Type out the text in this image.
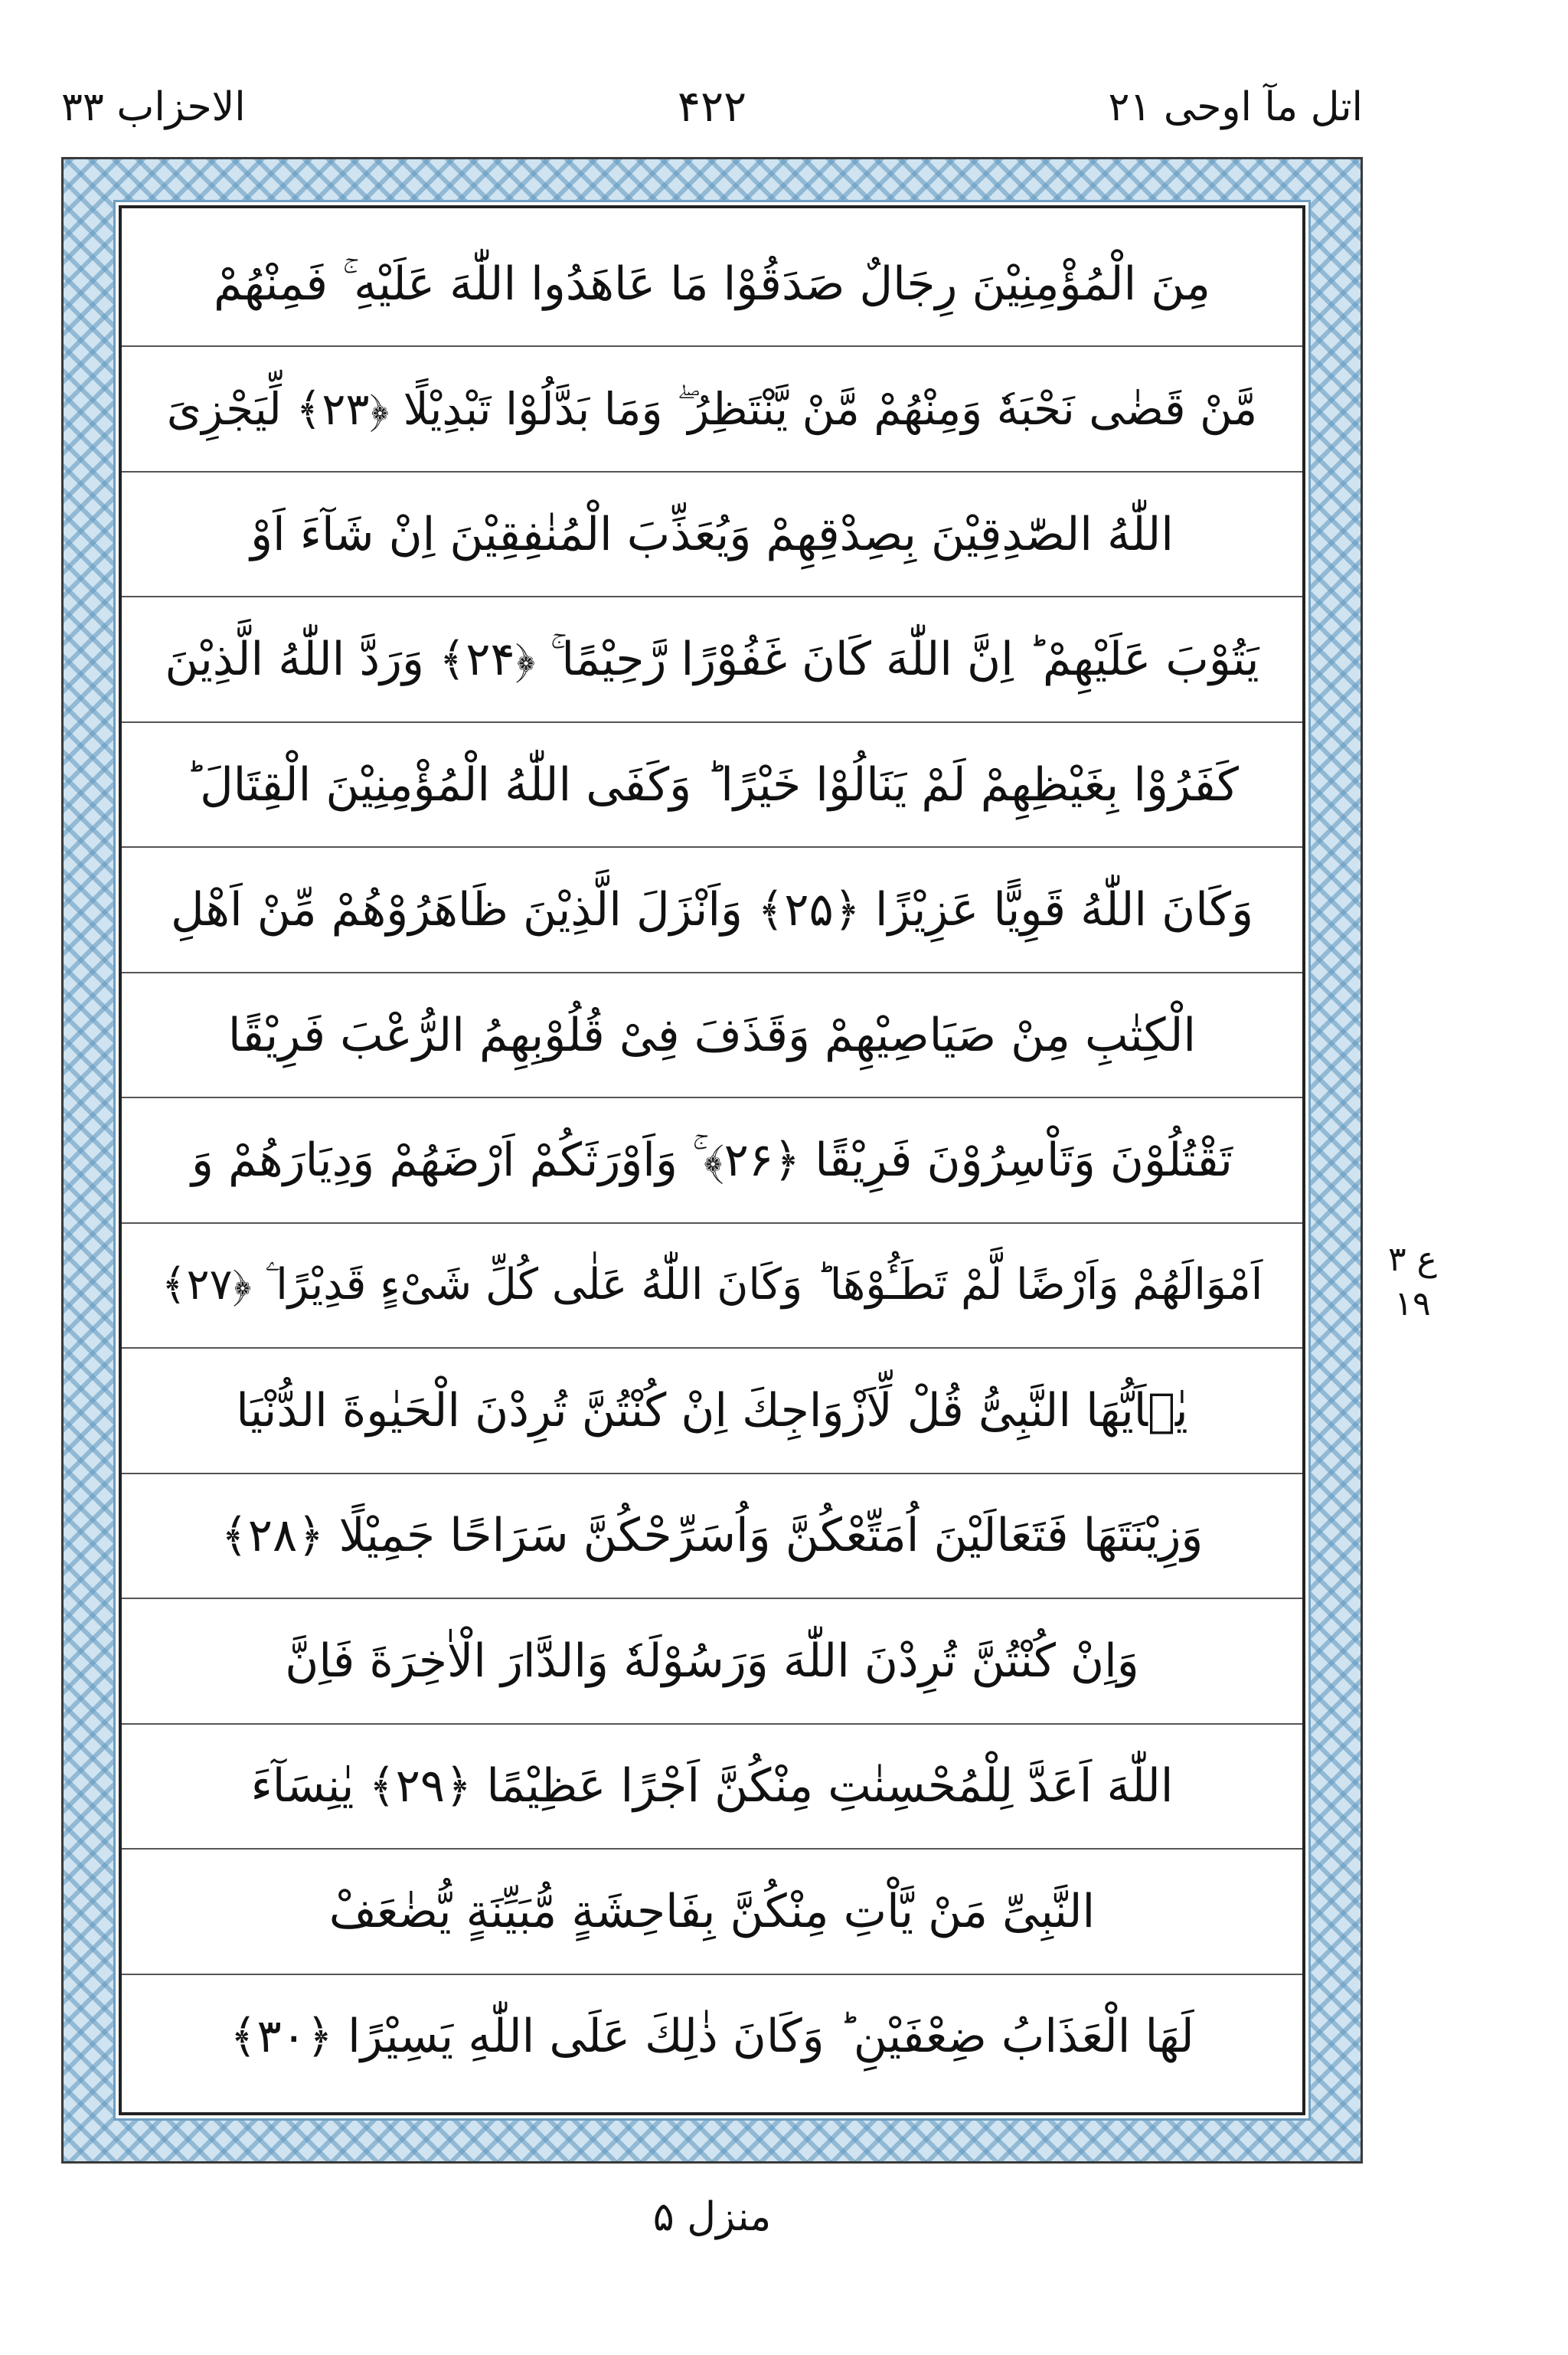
اتل مآ اوحی ۲۱
۴۲۲
الاحزاب ۳۳
مِنَ الْمُؤْمِنِیْنَ رِجَالٌ صَدَقُوْا مَا عَاهَدُوا اللّٰهَ عَلَیْهِ ۚ فَمِنْهُمْ
مَّنْ قَضٰی نَحْبَهٗ وَمِنْهُمْ مَّنْ یَّنْتَظِرُ ۖ وَمَا بَدَّلُوْا تَبْدِیْلًا ﴿۲۳﴾ لِّیَجْزِیَ
اللّٰهُ الصّٰدِقِیْنَ بِصِدْقِهِمْ وَیُعَذِّبَ الْمُنٰفِقِیْنَ اِنْ شَآءَ اَوْ
یَتُوْبَ عَلَیْهِمْ ؕ اِنَّ اللّٰهَ كَانَ غَفُوْرًا رَّحِیْمًا ۚ ﴿۲۴﴾ وَرَدَّ اللّٰهُ الَّذِیْنَ
كَفَرُوْا بِغَیْظِهِمْ لَمْ یَنَالُوْا خَیْرًا ؕ وَكَفَی اللّٰهُ الْمُؤْمِنِیْنَ الْقِتَالَ ؕ
وَكَانَ اللّٰهُ قَوِیًّا عَزِیْزًا ﴿۲۵﴾ وَاَنْزَلَ الَّذِیْنَ ظَاهَرُوْهُمْ مِّنْ اَهْلِ
الْكِتٰبِ مِنْ صَیَاصِیْهِمْ وَقَذَفَ فِیْ قُلُوْبِهِمُ الرُّعْبَ فَرِیْقًا
تَقْتُلُوْنَ وَتَاْسِرُوْنَ فَرِیْقًا ﴿۲۶﴾ ۚ وَاَوْرَثَكُمْ اَرْضَهُمْ وَدِیَارَهُمْ وَ
اَمْوَالَهُمْ وَاَرْضًا لَّمْ تَطَـُٔوْهَا ؕ وَكَانَ اللّٰهُ عَلٰی كُلِّ شَیْءٍ قَدِیْرًا ۧ ﴿۲۷﴾
یٰۤاَیُّهَا النَّبِیُّ قُلْ لِّاَزْوَاجِكَ اِنْ كُنْتُنَّ تُرِدْنَ الْحَیٰوةَ الدُّنْیَا
وَزِیْنَتَهَا فَتَعَالَیْنَ اُمَتِّعْكُنَّ وَاُسَرِّحْكُنَّ سَرَاحًا جَمِیْلًا ﴿۲۸﴾
وَاِنْ كُنْتُنَّ تُرِدْنَ اللّٰهَ وَرَسُوْلَهٗ وَالدَّارَ الْاٰخِرَةَ فَاِنَّ
اللّٰهَ اَعَدَّ لِلْمُحْسِنٰتِ مِنْكُنَّ اَجْرًا عَظِیْمًا ﴿۲۹﴾ یٰنِسَآءَ
النَّبِیِّ مَنْ یَّاْتِ مِنْكُنَّ بِفَاحِشَةٍ مُّبَیِّنَةٍ یُّضٰعَفْ
لَهَا الْعَذَابُ ضِعْفَیْنِ ؕ وَكَانَ ذٰلِكَ عَلَی اللّٰهِ یَسِیْرًا ﴿۳۰﴾
ع ۳
۱۹
منزل ۵
